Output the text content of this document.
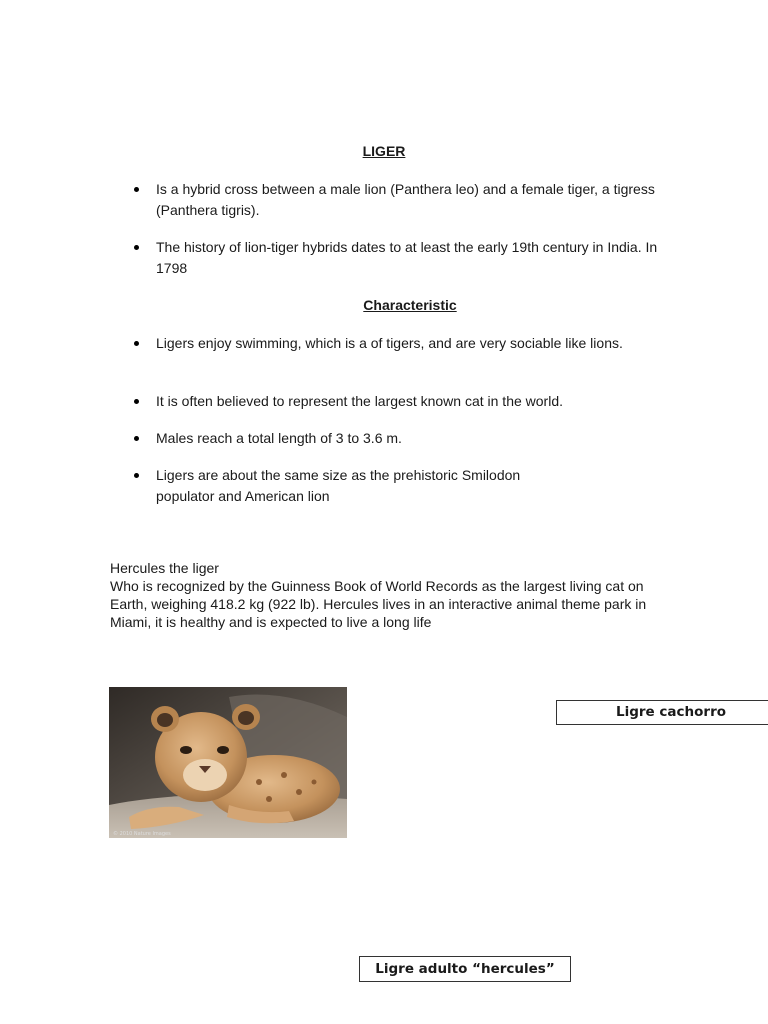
LIGER
Is a hybrid cross between a male lion (Panthera leo) and a female tiger, a tigress (Panthera tigris).
The history of lion-tiger hybrids dates to at least the early 19th century in India. In 1798
Characteristic
Ligers enjoy swimming, which is a of tigers, and are very sociable like lions.
It is often believed to represent the largest known cat in the world.
Males reach a total length of 3 to 3.6 m.
Ligers are about the same size as the prehistoric Smilodon populator and American lion

Hercules the liger

Who is recognized by the Guinness Book of World Records as the largest living cat on Earth, weighing 418.2 kg (922 lb). Hercules lives in an interactive animal theme park in Miami, it is healthy and is expected to live a long life

© 2010 Nature Images
Ligre cachorro
Ligre adulto “hercules”
